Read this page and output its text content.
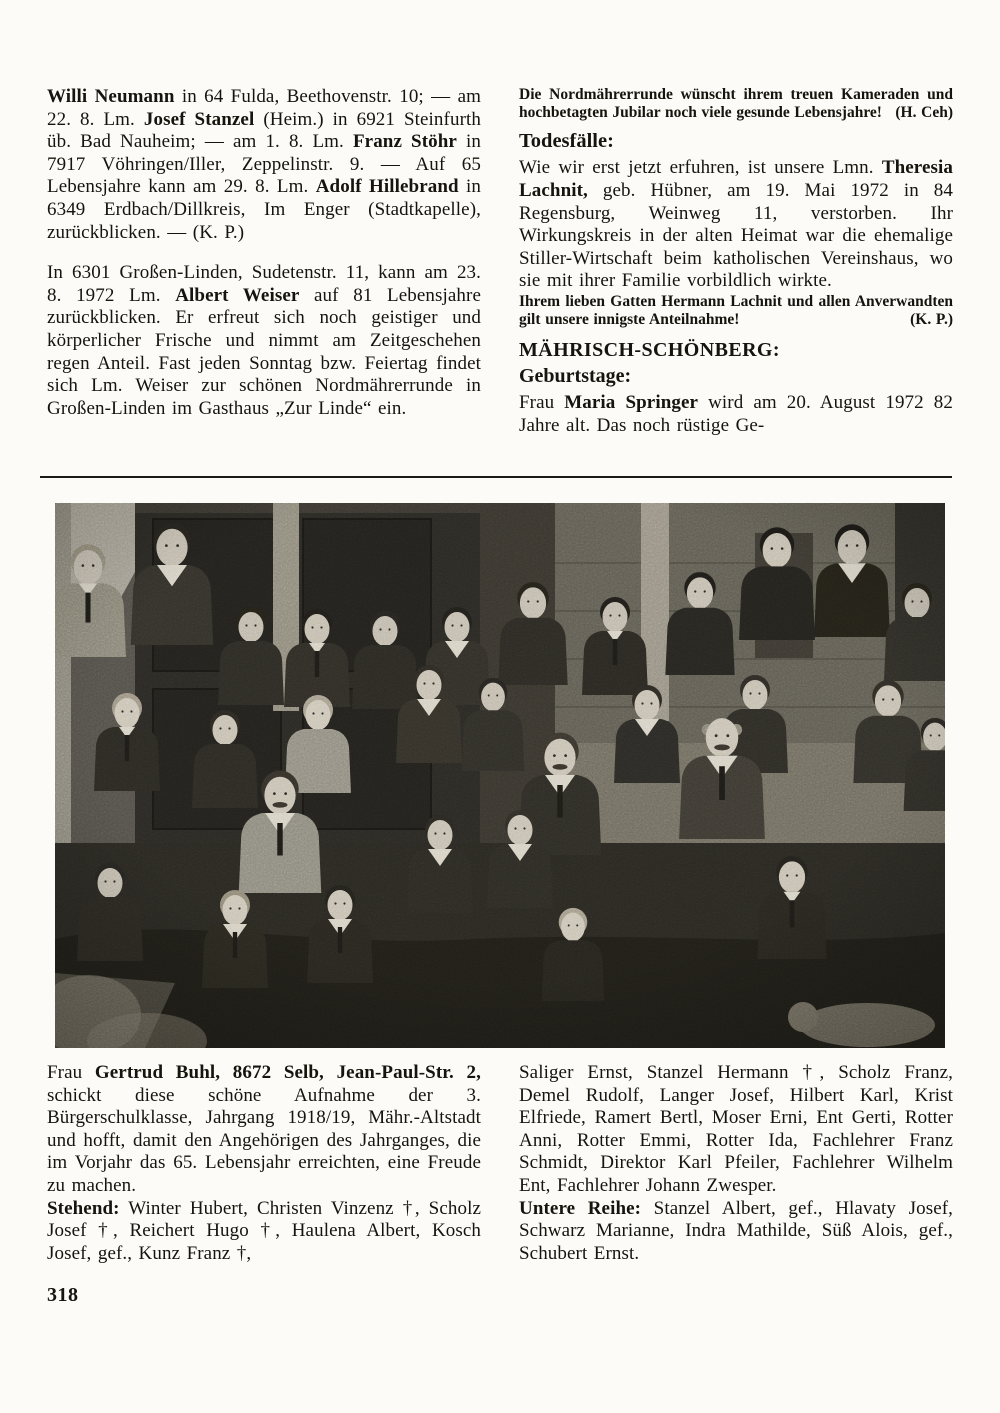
Willi Neumann in 64 Fulda, Beethovenstr. 10; — am 22. 8. Lm. Josef Stanzel (Heim.) in 6921 Steinfurth üb. Bad Nauheim; — am 1. 8. Lm. Franz Stöhr in 7917 Vöhringen/Iller, Zeppelinstr. 9. — Auf 65 Lebensjahre kann am 29. 8. Lm. Adolf Hillebrand in 6349 Erdbach/Dillkreis, Im Enger (Stadtkapelle), zurückblicken. — (K. P.)

In 6301 Großen-Linden, Sudetenstr. 11, kann am 23. 8. 1972 Lm. Albert Weiser auf 81 Lebensjahre zurückblicken. Er erfreut sich noch geistiger und körperlicher Frische und nimmt am Zeitgeschehen regen Anteil. Fast jeden Sonntag bzw. Feiertag findet sich Lm. Weiser zur schönen Nordmährerrunde in Großen-Linden im Gasthaus „Zur Linde“ ein.

Die Nordmährerrunde wünscht ihrem treuen Kameraden und hochbetagten Jubilar noch viele gesunde Lebensjahre! (H. Ceh)

Todesfälle:

Wie wir erst jetzt erfuhren, ist unsere Lmn. Theresia Lachnit, geb. Hübner, am 19. Mai 1972 in 84 Regensburg, Weinweg 11, verstorben. Ihr Wirkungskreis in der alten Heimat war die ehemalige Stiller-Wirtschaft beim katholischen Vereinshaus, wo sie mit ihrer Familie vorbildlich wirkte.

Ihrem lieben Gatten Hermann Lachnit und allen Anverwandten gilt unsere innigste Anteilnahme!	(K. P.)

MÄHRISCH-SCHÖNBERG:
Geburtstage:

Frau Maria Springer wird am 20. August 1972 82 Jahre alt. Das noch rüstige Ge-

Frau Gertrud Buhl, 8672 Selb, Jean-Paul-Str. 2, schickt diese schöne Aufnahme der 3. Bürgerschulklasse, Jahrgang 1918/19, Mähr.-Altstadt und hofft, damit den Angehörigen des Jahrganges, die im Vorjahr das 65. Lebensjahr erreichten, eine Freude zu machen.

Stehend: Winter Hubert, Christen Vinzenz †, Scholz Josef †, Reichert Hugo †, Haulena Albert, Kosch Josef, gef., Kunz Franz †,

Saliger Ernst, Stanzel Hermann †, Scholz Franz, Demel Rudolf, Langer Josef, Hilbert Karl, Krist Elfriede, Ramert Bertl, Moser Erni, Ent Gerti, Rotter Anni, Rotter Emmi, Rotter Ida, Fachlehrer Franz Schmidt, Direktor Karl Pfeiler, Fachlehrer Wilhelm Ent, Fachlehrer Johann Zwesper.

Untere Reihe: Stanzel Albert, gef., Hlavaty Josef, Schwarz Marianne, Indra Mathilde, Süß Alois, gef., Schubert Ernst.

318
